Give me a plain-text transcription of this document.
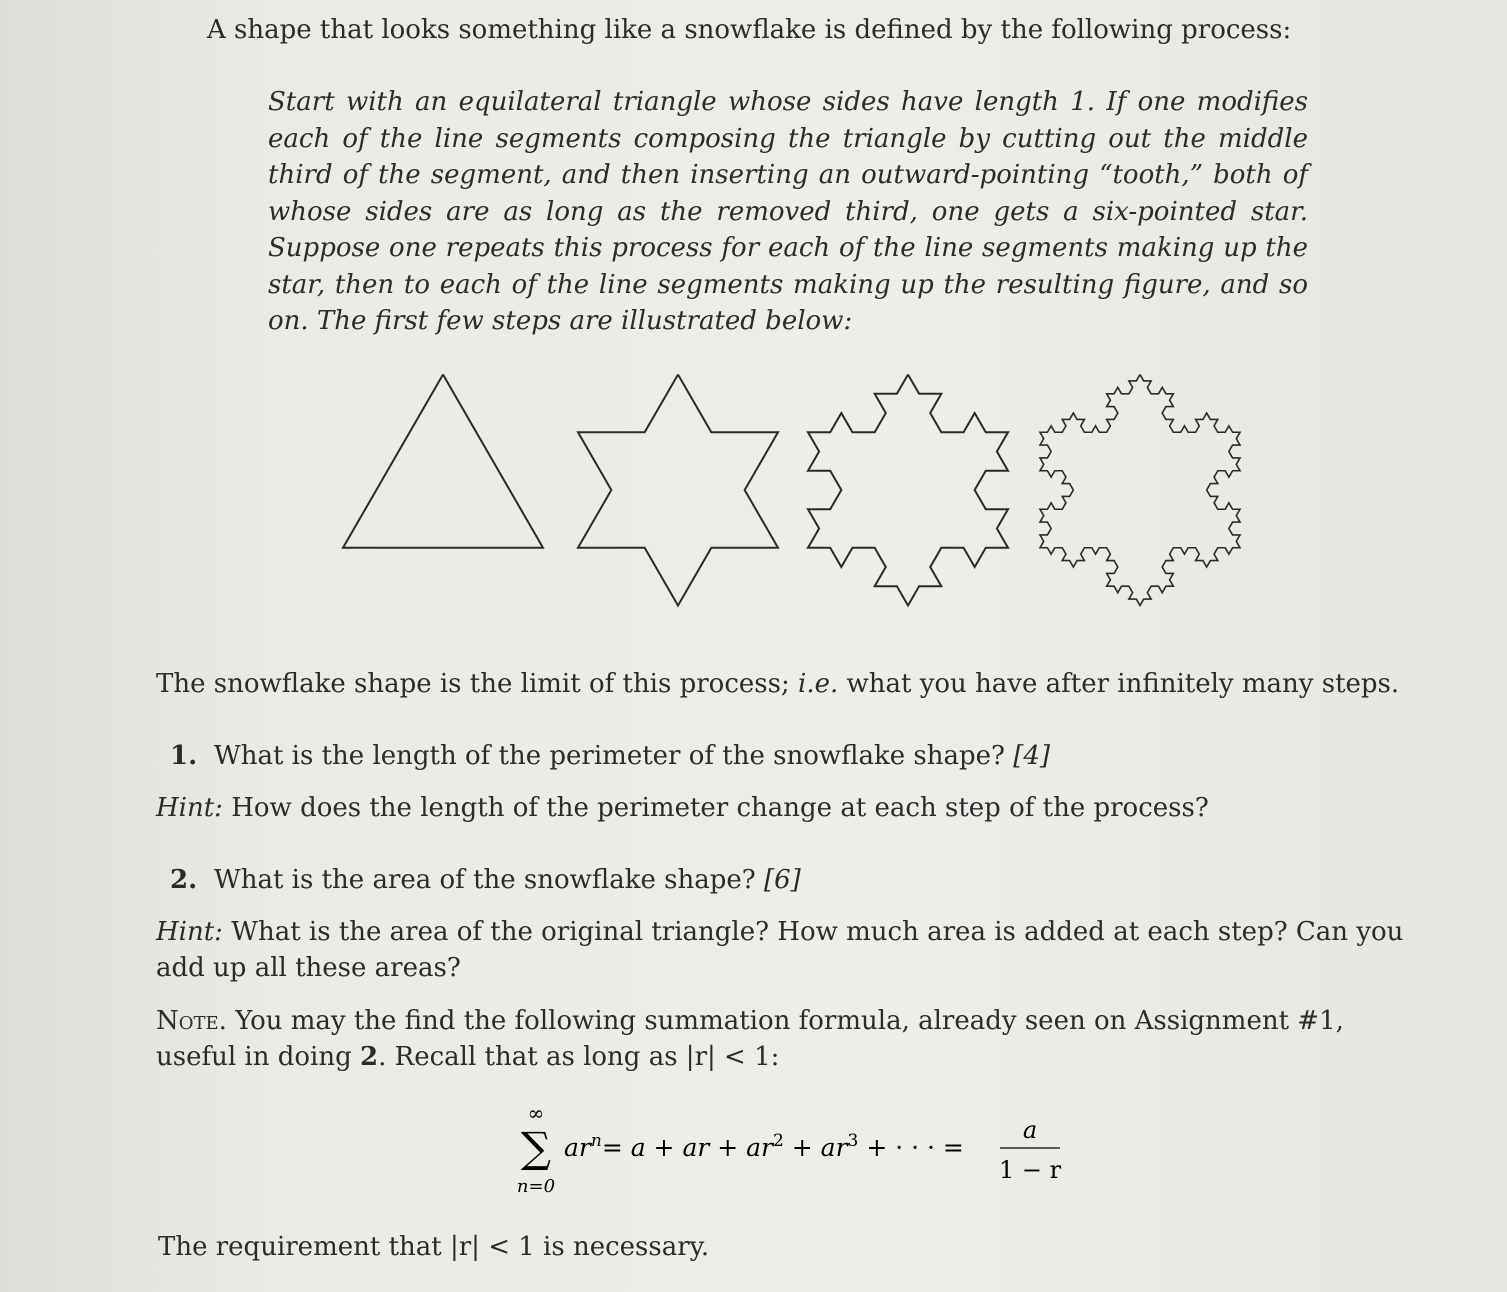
A shape that looks something like a snowflake is defined by the following process:

Start with an equilateral triangle whose sides have length 1. If one modifies each of the line segments composing the triangle by cutting out the middle third of the segment, and then inserting an outward-pointing “tooth,” both of whose sides are as long as the removed third, one gets a six-pointed star. Suppose one repeats this process for each of the line segments making up the star, then to each of the line segments making up the resulting figure, and so on. The first few steps are illustrated below:

The snowflake shape is the limit of this process; i.e. what you have after infinitely many steps.

1. What is the length of the perimeter of the snowflake shape? [4]

Hint: How does the length of the perimeter change at each step of the process?

2. What is the area of the snowflake shape? [6]

Hint: What is the area of the original triangle? How much area is added at each step? Can you add up all these areas?

Note. You may the find the following summation formula, already seen on Assignment #1, useful in doing 2. Recall that as long as |r| < 1:

∞
∑
n=0
$ar^n= a$ + ar + $ar^2 + ar^3$ + · · · =
a
1 − r

The requirement that |r| < 1 is necessary.
